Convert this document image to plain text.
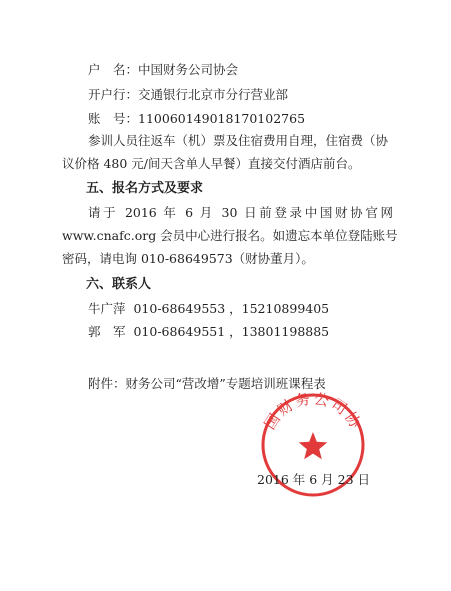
户　名：中国财务公司协会
开户行：交通银行北京市分行营业部
账　号：110060149018170102765
参训人员往返车（机）票及住宿费用自理，住宿费（协
议价格 480 元/间天含单人早餐）直接交付酒店前台。
五、报名方式及要求
请于 2016 年 6 月 30 日前登录中国财协官网
www.cnafc.org 会员中心进行报名。如遗忘本单位登陆账号
密码，请电询 010-68649573（财协董月）。
六、联系人
牛广萍 010-68649553 ，15210899405
郭　军 010-68649551 ，13801198885
附件：财务公司“营改增”专题培训班课程表
国财务公司协
2016 年 6 月 23 日
